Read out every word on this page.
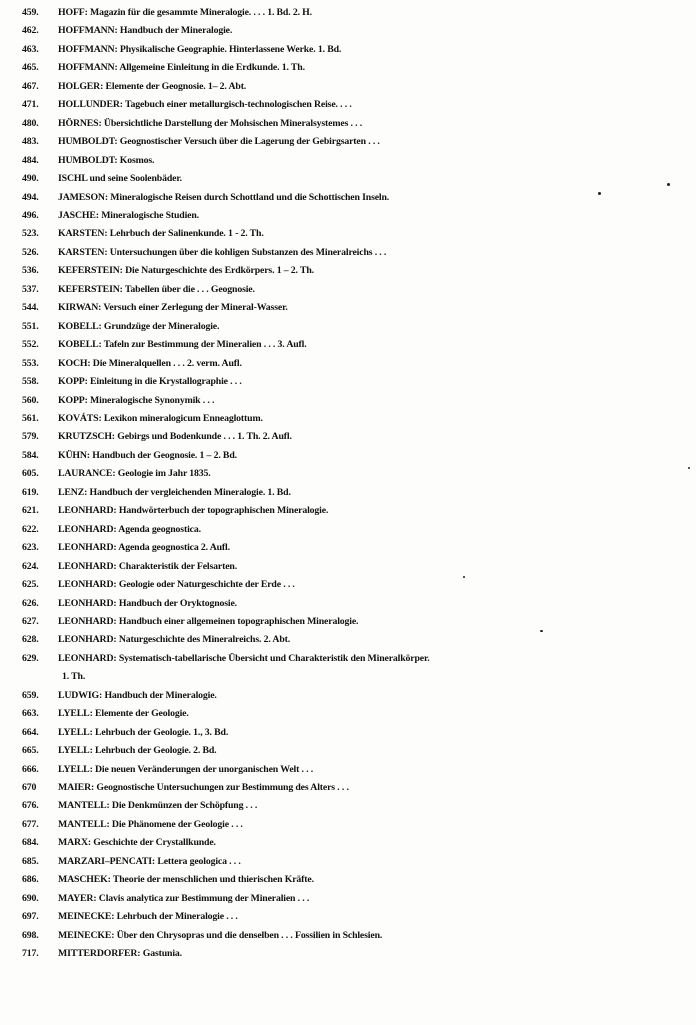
459. HOFF: Magazin für die gesammte Mineralogie. . . . 1. Bd. 2. H.
462. HOFFMANN: Handbuch der Mineralogie.
463. HOFFMANN: Physikalische Geographie. Hinterlassene Werke. 1. Bd.
465. HOFFMANN: Allgemeine Einleitung in die Erdkunde. 1. Th.
467. HOLGER: Elemente der Geognosie. 1– 2. Abt.
471. HOLLUNDER: Tagebuch einer metallurgisch-technologischen Reise. . . .
480. HÖRNES: Übersichtliche Darstellung der Mohsischen Mineralsystemes . . .
483. HUMBOLDT: Geognostischer Versuch über die Lagerung der Gebirgsarten . . .
484. HUMBOLDT: Kosmos.
490. ISCHL und seine Soolenbäder.
494. JAMESON: Mineralogische Reisen durch Schottland und die Schottischen Inseln.
496. JASCHE: Mineralogische Studien.
523. KARSTEN: Lehrbuch der Salinenkunde. 1 - 2. Th.
526. KARSTEN: Untersuchungen über die kohligen Substanzen des Mineralreichs . . .
536. KEFERSTEIN: Die Naturgeschichte des Erdkörpers. 1 – 2. Th.
537. KEFERSTEIN: Tabellen über die . . . Geognosie.
544. KIRWAN: Versuch einer Zerlegung der Mineral-Wasser.
551. KOBELL: Grundzüge der Mineralogie.
552. KOBELL: Tafeln zur Bestimmung der Mineralien . . . 3. Aufl.
553. KOCH: Die Mineralquellen . . . 2. verm. Aufl.
558. KOPP: Einleitung in die Krystallographie . . .
560. KOPP: Mineralogische Synonymik . . .
561. KOVÁTS: Lexikon mineralogicum Enneaglottum.
579. KRUTZSCH: Gebirgs und Bodenkunde . . . 1. Th. 2. Aufl.
584. KÜHN: Handbuch der Geognosie. 1 – 2. Bd.
605. LAURANCE: Geologie im Jahr 1835.
619. LENZ: Handbuch der vergleichenden Mineralogie. 1. Bd.
621. LEONHARD: Handwörterbuch der topographischen Mineralogie.
622. LEONHARD: Agenda geognostica.
623. LEONHARD: Agenda geognostica 2. Aufl.
624. LEONHARD: Charakteristik der Felsarten.
625. LEONHARD: Geologie oder Naturgeschichte der Erde . . .
626. LEONHARD: Handbuch der Oryktognosie.
627. LEONHARD: Handbuch einer allgemeinen topographischen Mineralogie.
628. LEONHARD: Naturgeschichte des Mineralreichs. 2. Abt.
629. LEONHARD: Systematisch-tabellarische Übersicht und Charakteristik den Mineralkörper.
1. Th.
659. LUDWIG: Handbuch der Mineralogie.
663. LYELL: Elemente der Geologie.
664. LYELL: Lehrbuch der Geologie. 1., 3. Bd.
665. LYELL: Lehrbuch der Geologie. 2. Bd.
666. LYELL: Die neuen Veränderungen der unorganischen Welt . . .
670 MAIER: Geognostische Untersuchungen zur Bestimmung des Alters . . .
676. MANTELL: Die Denkmünzen der Schöpfung . . .
677. MANTELL: Die Phänomene der Geologie . . .
684. MARX: Geschichte der Crystallkunde.
685. MARZARI–PENCATI: Lettera geologica . . .
686. MASCHEK: Theorie der menschlichen und thierischen Kräfte.
690. MAYER: Clavis analytica zur Bestimmung der Mineralien . . .
697. MEINECKE: Lehrbuch der Mineralogie . . .
698. MEINECKE: Über den Chrysopras und die denselben . . . Fossilien in Schlesien.
717. MITTERDORFER: Gastunia.
